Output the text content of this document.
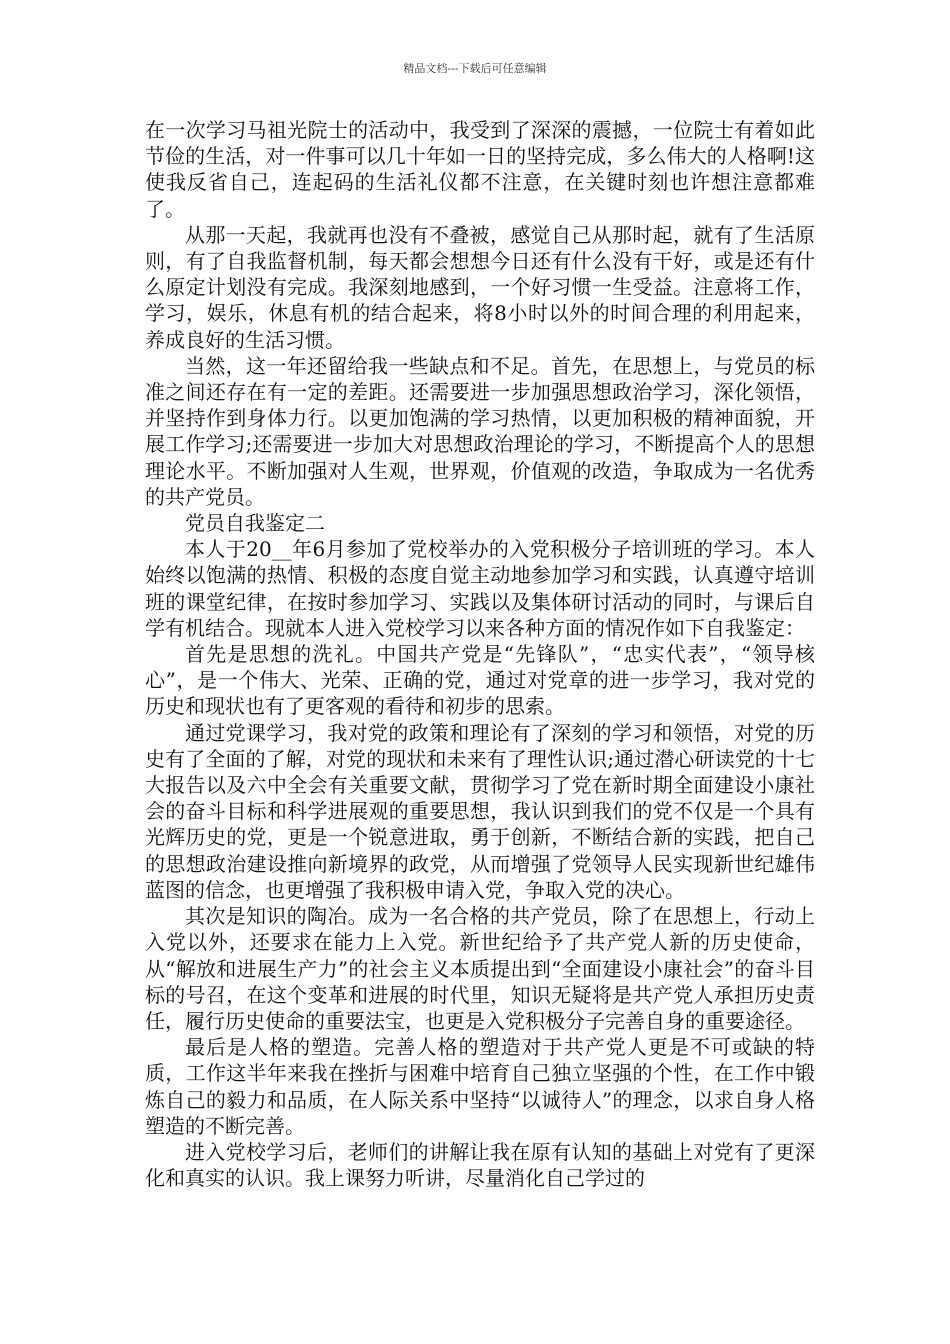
精品文档---下载后可任意编辑

在一次学习马祖光院士的活动中，我受到了深深的震撼，一位院士有着如此节俭的生活，对一件事可以几十年如一日的坚持完成，多么伟大的人格啊!这使我反省自己，连起码的生活礼仪都不注意，在关键时刻也许想注意都难了。

从那一天起，我就再也没有不叠被，感觉自己从那时起，就有了生活原则，有了自我监督机制，每天都会想想今日还有什么没有干好，或是还有什么原定计划没有完成。我深刻地感到，一个好习惯一生受益。注意将工作，学习，娱乐，休息有机的结合起来，将8小时以外的时间合理的利用起来，养成良好的生活习惯。

当然，这一年还留给我一些缺点和不足。首先，在思想上，与党员的标准之间还存在有一定的差距。还需要进一步加强思想政治学习，深化领悟，并坚持作到身体力行。以更加饱满的学习热情，以更加积极的精神面貌，开展工作学习;还需要进一步加大对思想政治理论的学习，不断提高个人的思想理论水平。不断加强对人生观，世界观，价值观的改造，争取成为一名优秀的共产党员。

党员自我鉴定二

本人于20__年6月参加了党校举办的入党积极分子培训班的学习。本人始终以饱满的热情、积极的态度自觉主动地参加学习和实践，认真遵守培训班的课堂纪律，在按时参加学习、实践以及集体研讨活动的同时，与课后自学有机结合。现就本人进入党校学习以来各种方面的情况作如下自我鉴定：

首先是思想的洗礼。中国共产党是“先锋队”，“忠实代表”，“领导核心”，是一个伟大、光荣、正确的党，通过对党章的进一步学习，我对党的历史和现状也有了更客观的看待和初步的思索。

通过党课学习，我对党的政策和理论有了深刻的学习和领悟，对党的历史有了全面的了解，对党的现状和未来有了理性认识;通过潜心研读党的十七大报告以及六中全会有关重要文献，贯彻学习了党在新时期全面建设小康社会的奋斗目标和科学进展观的重要思想，我认识到我们的党不仅是一个具有光辉历史的党，更是一个锐意进取，勇于创新，不断结合新的实践，把自己的思想政治建设推向新境界的政党，从而增强了党领导人民实现新世纪雄伟蓝图的信念，也更增强了我积极申请入党，争取入党的决心。

其次是知识的陶冶。成为一名合格的共产党员，除了在思想上，行动上入党以外，还要求在能力上入党。新世纪给予了共产党人新的历史使命，从“解放和进展生产力”的社会主义本质提出到“全面建设小康社会”的奋斗目标的号召，在这个变革和进展的时代里，知识无疑将是共产党人承担历史责任，履行历史使命的重要法宝，也更是入党积极分子完善自身的重要途径。

最后是人格的塑造。完善人格的塑造对于共产党人更是不可或缺的特质，工作这半年来我在挫折与困难中培育自己独立坚强的个性，在工作中锻炼自己的毅力和品质，在人际关系中坚持“以诚待人”的理念，以求自身人格塑造的不断完善。

进入党校学习后，老师们的讲解让我在原有认知的基础上对党有了更深化和真实的认识。我上课努力听讲，尽量消化自己学过的
